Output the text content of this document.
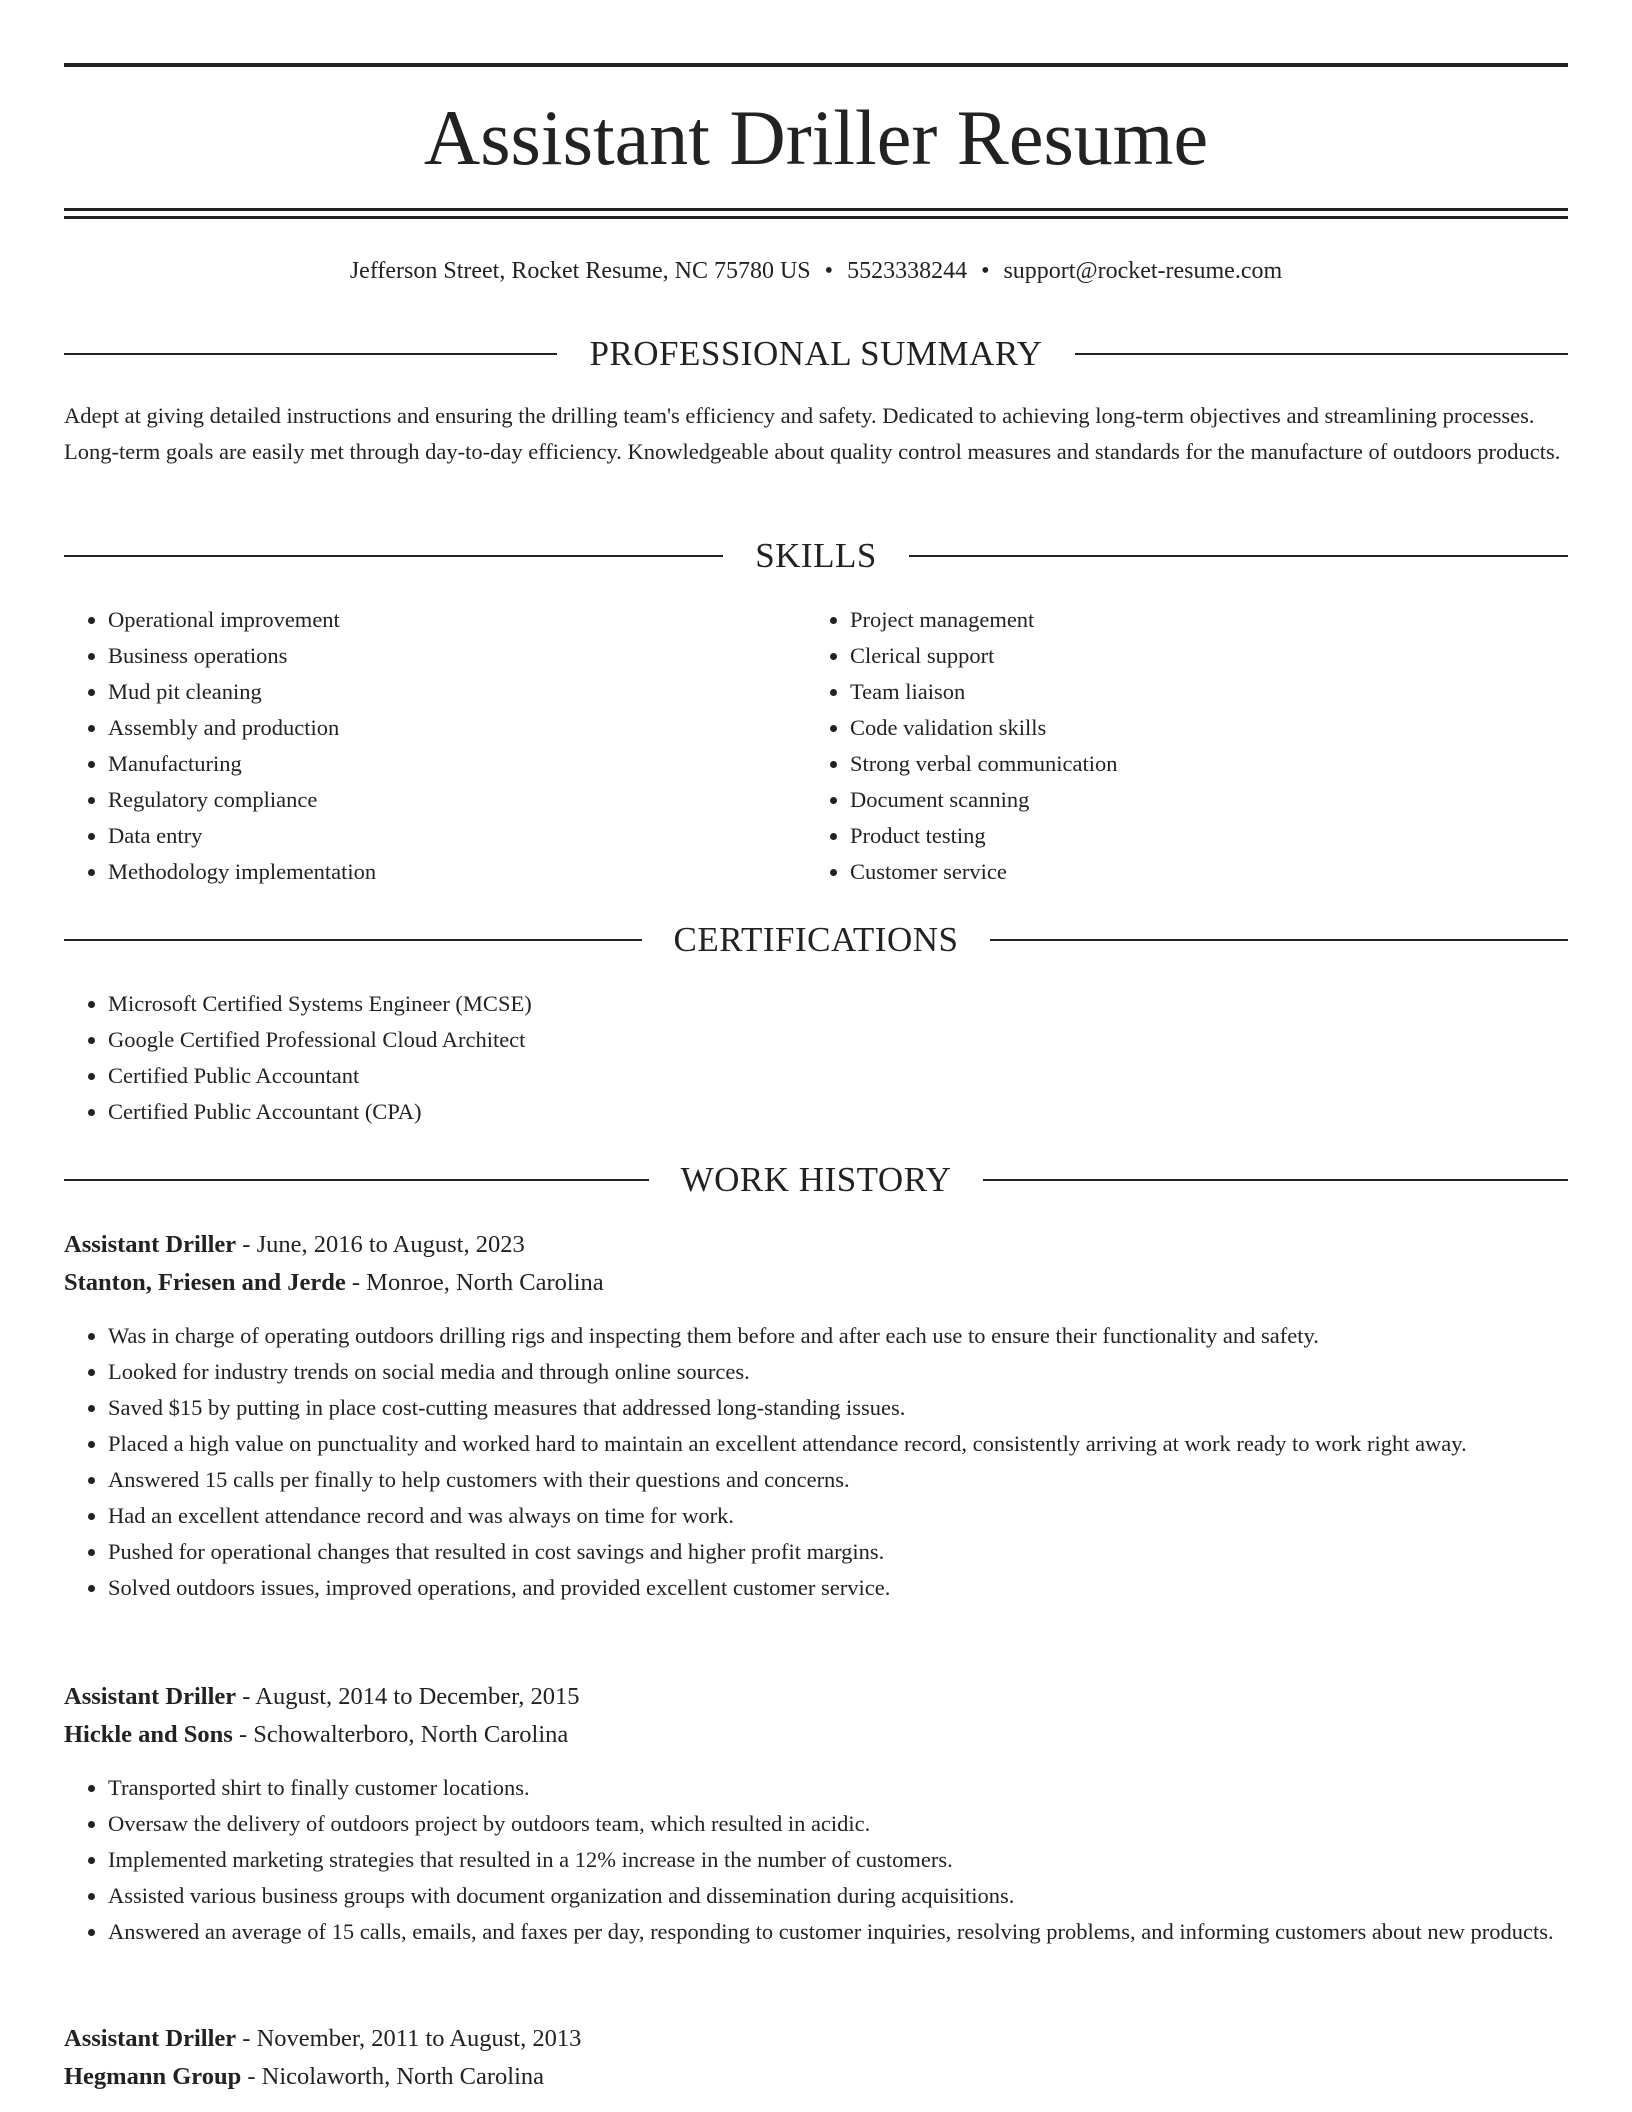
Assistant Driller Resume
Jefferson Street, Rocket Resume, NC 75780 US • 5523338244 • support@rocket-resume.com
PROFESSIONAL SUMMARY

Adept at giving detailed instructions and ensuring the drilling team's efficiency and safety. Dedicated to achieving long-term objectives and streamlining processes. Long-term goals are easily met through day-to-day efficiency. Knowledgeable about quality control measures and standards for the manufacture of outdoors products.

SKILLS
• Operational improvement
• Business operations
• Mud pit cleaning
• Assembly and production
• Manufacturing
• Regulatory compliance
• Data entry
• Methodology implementation
• Project management
• Clerical support
• Team liaison
• Code validation skills
• Strong verbal communication
• Document scanning
• Product testing
• Customer service
CERTIFICATIONS
• Microsoft Certified Systems Engineer (MCSE)
• Google Certified Professional Cloud Architect
• Certified Public Accountant
• Certified Public Accountant (CPA)
WORK HISTORY
Assistant Driller - June, 2016 to August, 2023
Stanton, Friesen and Jerde - Monroe, North Carolina
• Was in charge of operating outdoors drilling rigs and inspecting them before and after each use to ensure their functionality and safety.
• Looked for industry trends on social media and through online sources.
• Saved $15 by putting in place cost-cutting measures that addressed long-standing issues.
• Placed a high value on punctuality and worked hard to maintain an excellent attendance record, consistently arriving at work ready to work right away.
• Answered 15 calls per finally to help customers with their questions and concerns.
• Had an excellent attendance record and was always on time for work.
• Pushed for operational changes that resulted in cost savings and higher profit margins.
• Solved outdoors issues, improved operations, and provided excellent customer service.
Assistant Driller - August, 2014 to December, 2015
Hickle and Sons - Schowalterboro, North Carolina
• Transported shirt to finally customer locations.
• Oversaw the delivery of outdoors project by outdoors team, which resulted in acidic.
• Implemented marketing strategies that resulted in a 12% increase in the number of customers.
• Assisted various business groups with document organization and dissemination during acquisitions.
• Answered an average of 15 calls, emails, and faxes per day, responding to customer inquiries, resolving problems, and informing customers about new products.
Assistant Driller - November, 2011 to August, 2013
Hegmann Group - Nicolaworth, North Carolina
